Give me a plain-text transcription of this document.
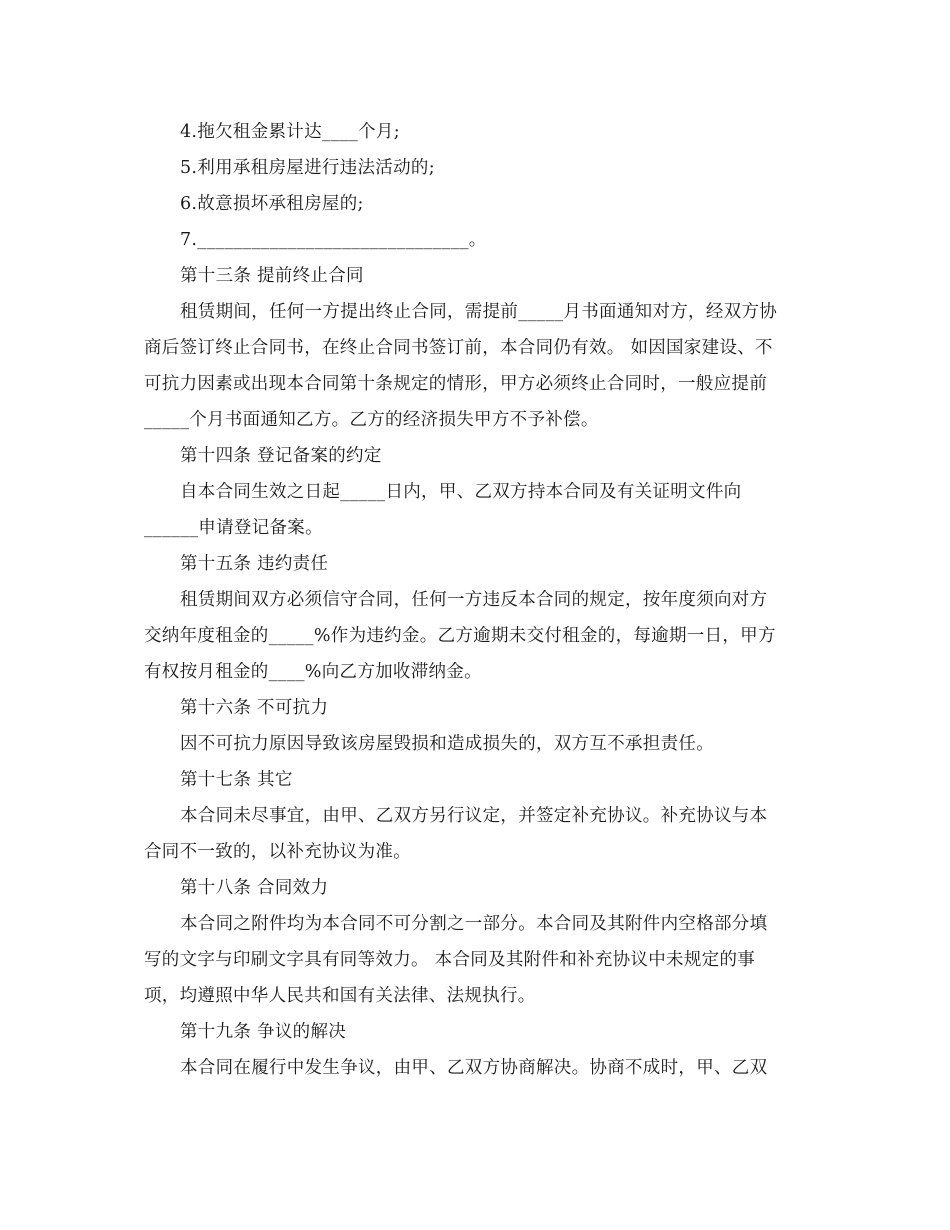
4.拖欠租金累计达____个月;
5.利用承租房屋进行违法活动的;
6.故意损坏承租房屋的;
7.______________________________。
第十三条 提前终止合同
租赁期间，任何一方提出终止合同，需提前_____月书面通知对方，经双方协
商后签订终止合同书，在终止合同书签订前，本合同仍有效。 如因国家建设、不
可抗力因素或出现本合同第十条规定的情形，甲方必须终止合同时，一般应提前
_____个月书面通知乙方。乙方的经济损失甲方不予补偿。
第十四条 登记备案的约定
自本合同生效之日起_____日内，甲、乙双方持本合同及有关证明文件向
______申请登记备案。
第十五条 违约责任
租赁期间双方必须信守合同，任何一方违反本合同的规定，按年度须向对方
交纳年度租金的_____%作为违约金。乙方逾期未交付租金的，每逾期一日，甲方
有权按月租金的____%向乙方加收滞纳金。
第十六条 不可抗力
因不可抗力原因导致该房屋毁损和造成损失的，双方互不承担责任。
第十七条 其它
本合同未尽事宜，由甲、乙双方另行议定，并签定补充协议。补充协议与本
合同不一致的，以补充协议为准。
第十八条 合同效力
本合同之附件均为本合同不可分割之一部分。本合同及其附件内空格部分填
写的文字与印刷文字具有同等效力。 本合同及其附件和补充协议中未规定的事
项，均遵照中华人民共和国有关法律、法规执行。
第十九条 争议的解决
本合同在履行中发生争议，由甲、乙双方协商解决。协商不成时，甲、乙双
